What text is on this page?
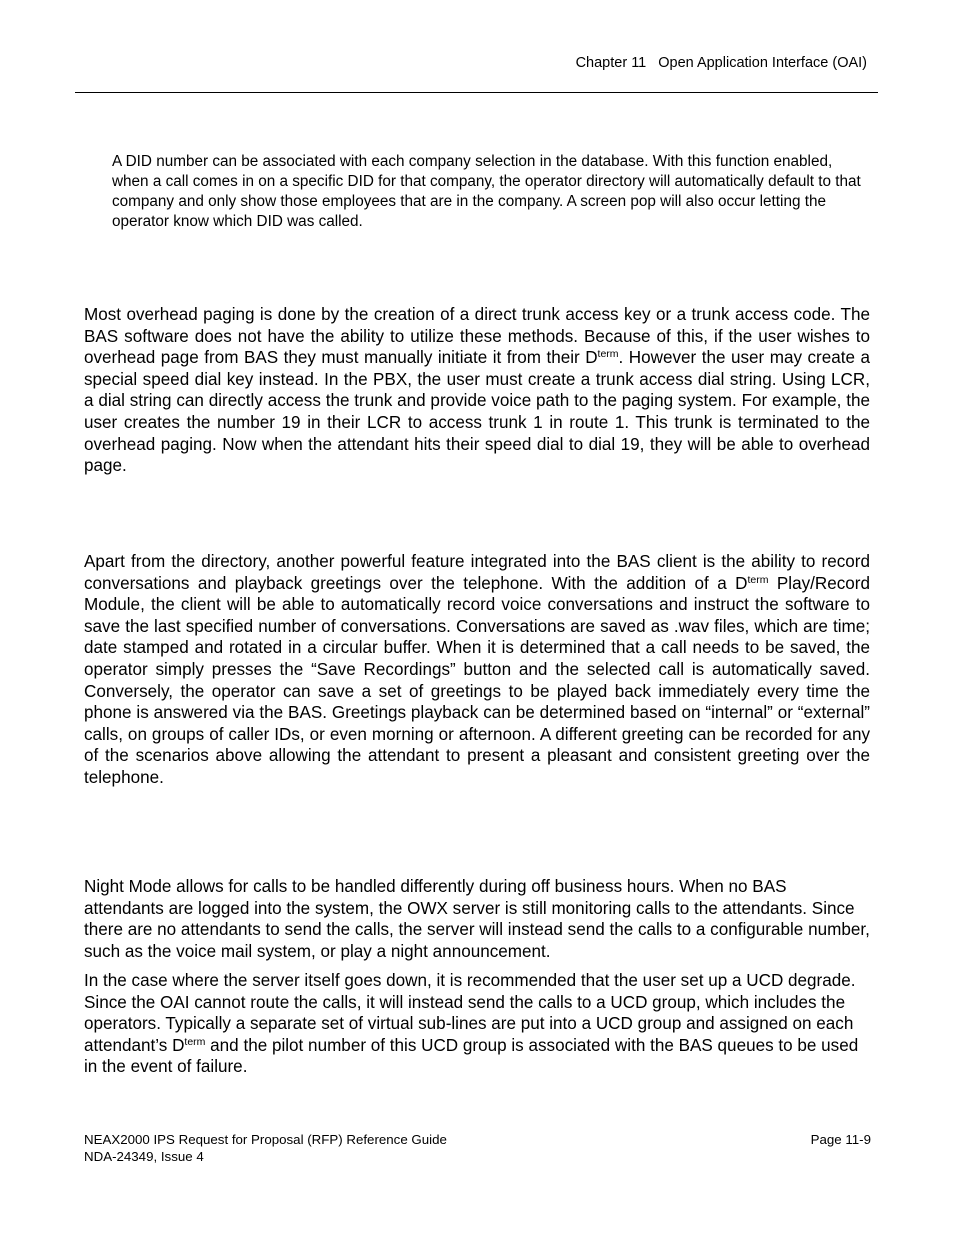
Chapter 11 Open Application Interface (OAI)
A DID number can be associated with each company selection in the database. With this function enabled, when a call comes in on a specific DID for that company, the operator directory will automatically default to that company and only show those employees that are in the company. A screen pop will also occur letting the operator know which DID was called.
Most overhead paging is done by the creation of a direct trunk access key or a trunk access code. The BAS software does not have the ability to utilize these methods. Because of this, if the user wishes to overhead page from BAS they must manually initiate it from their $D^{term}$. However the user may create a special speed dial key instead. In the PBX, the user must create a trunk access dial string. Using LCR, a dial string can directly access the trunk and provide voice path to the paging system. For example, the user creates the number 19 in their LCR to access trunk 1 in route 1. This trunk is terminated to the overhead paging. Now when the attendant hits their speed dial to dial 19, they will be able to overhead page.
Apart from the directory, another powerful feature integrated into the BAS client is the ability to record conversations and playback greetings over the telephone. With the addition of a $D^{term}$ Play/Record Module, the client will be able to automatically record voice conversations and instruct the software to save the last specified number of conversations. Conversations are saved as .wav files, which are time; date stamped and rotated in a circular buffer. When it is determined that a call needs to be saved, the operator simply presses the “Save Recordings” button and the selected call is automatically saved. Conversely, the operator can save a set of greetings to be played back immediately every time the phone is answered via the BAS. Greetings playback can be determined based on “internal” or “external” calls, on groups of caller IDs, or even morning or afternoon. A different greeting can be recorded for any of the scenarios above allowing the attendant to present a pleasant and consistent greeting over the telephone.
Night Mode allows for calls to be handled differently during off business hours. When no BAS attendants are logged into the system, the OWX server is still monitoring calls to the attendants. Since there are no attendants to send the calls, the server will instead send the calls to a configurable number, such as the voice mail system, or play a night announcement.
In the case where the server itself goes down, it is recommended that the user set up a UCD degrade. Since the OAI cannot route the calls, it will instead send the calls to a UCD group, which includes the operators. Typically a separate set of virtual sub-lines are put into a UCD group and assigned on each attendant’s $D^{term}$ and the pilot number of this UCD group is associated with the BAS queues to be used in the event of failure.
NEAX2000 IPS Request for Proposal (RFP) Reference Guide
NDA-24349, Issue 4
Page 11-9
